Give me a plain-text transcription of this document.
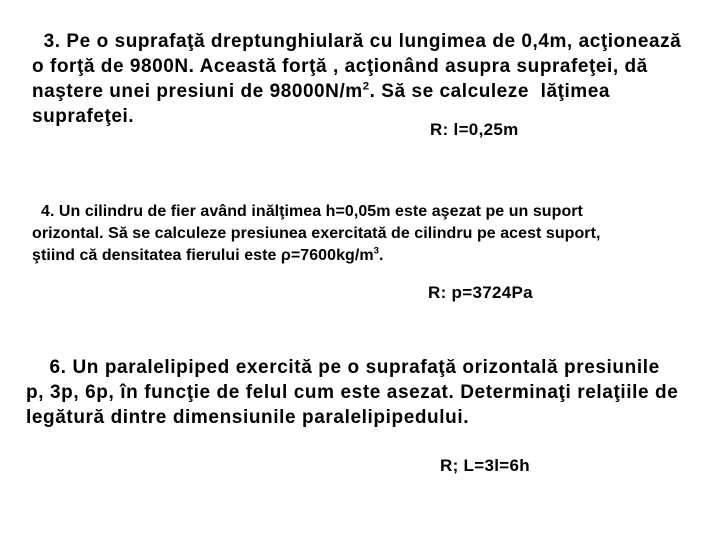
3. Pe o suprafaţă dreptunghiulară cu lungimea de 0,4m, acţionează
o forţă de 9800N. Această forţă , acţionând asupra suprafeţei, dă
naştere unei presiuni de $98000N/m^2$. Să se calculeze  lăţimea
suprafeţei.
R: l=0,25m
4. Un cilindru de fier având inălţimea h=0,05m este aşezat pe un suport
orizontal. Să se calculeze presiunea exercitată de cilindru pe acest suport,
ştiind că densitatea fierului este $\rho=7600kg/m^3$.
R: p=3724Pa
6. Un paralelipiped exercită pe o suprafaţă orizontală presiunile
p, 3p, 6p, în funcţie de felul cum este asezat. Determinaţi relaţiile de
legătură dintre dimensiunile paralelipipedului.
R; L=3l=6h
